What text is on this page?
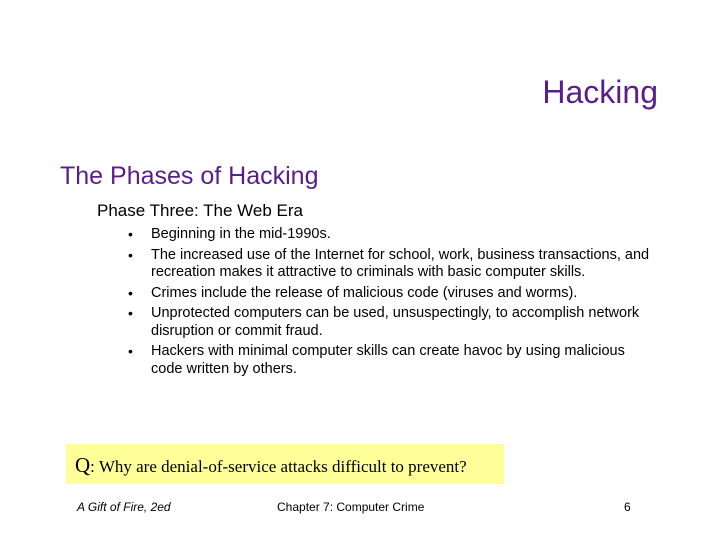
Hacking
The Phases of Hacking
Phase Three: The Web Era
• Beginning in the mid-1990s.
• The increased use of the Internet for school, work, business transactions, and recreation makes it attractive to criminals with basic computer skills.
• Crimes include the release of malicious code (viruses and worms).
• Unprotected computers can be used, unsuspectingly, to accomplish network disruption or commit fraud.
• Hackers with minimal computer skills can create havoc by using malicious code written by others.
Q: Why are denial-of-service attacks difficult to prevent?
A Gift of Fire, 2ed	Chapter 7: Computer Crime	6
